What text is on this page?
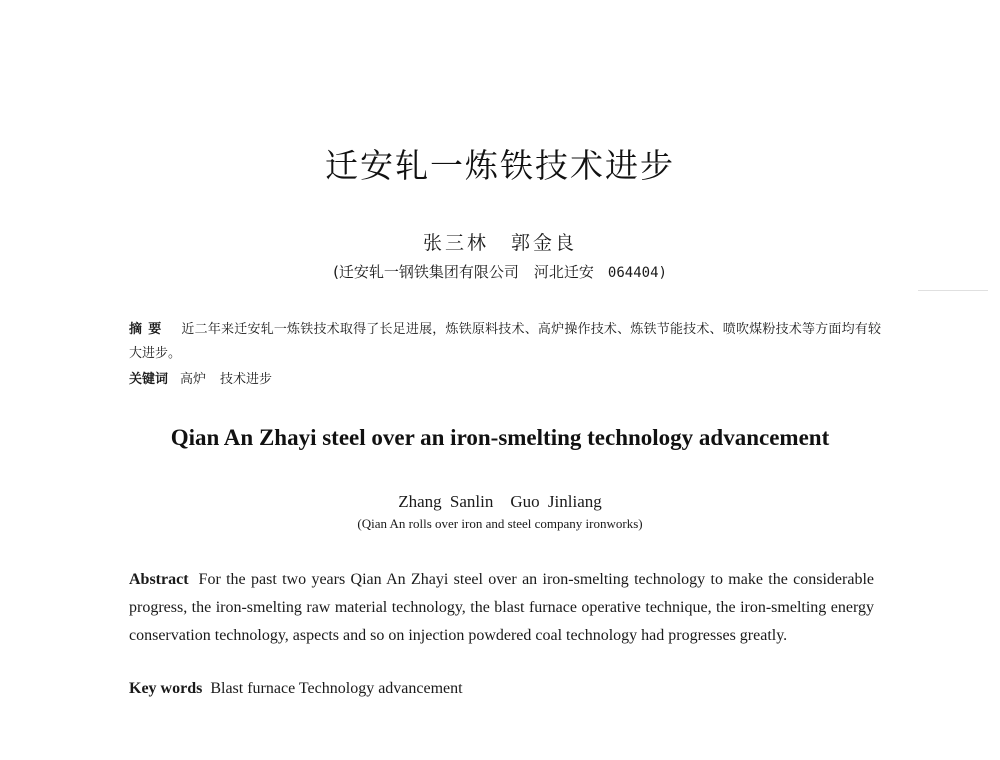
迁安轧一炼铁技术进步
张三林　郭金良
(迁安轧一钢铁集团有限公司　河北迁安 064404)
摘要 近二年来迁安轧一炼铁技术取得了长足进展，炼铁原料技术、高炉操作技术、炼铁节能技术、喷吹煤粉技术等方面均有较大进步。
关键词 高炉 技术进步
Qian An Zhayi steel over an iron-smelting technology advancement
Zhang Sanlin　Guo Jinliang
(Qian An rolls over iron and steel company ironworks)
Abstract For the past two years Qian An Zhayi steel over an iron-smelting technology to make the considerable progress, the iron-smelting raw material technology, the blast furnace operative technique, the iron-smelting energy conservation technology, aspects and so on injection powdered coal technology had progresses greatly.
Key words Blast furnace Technology advancement
